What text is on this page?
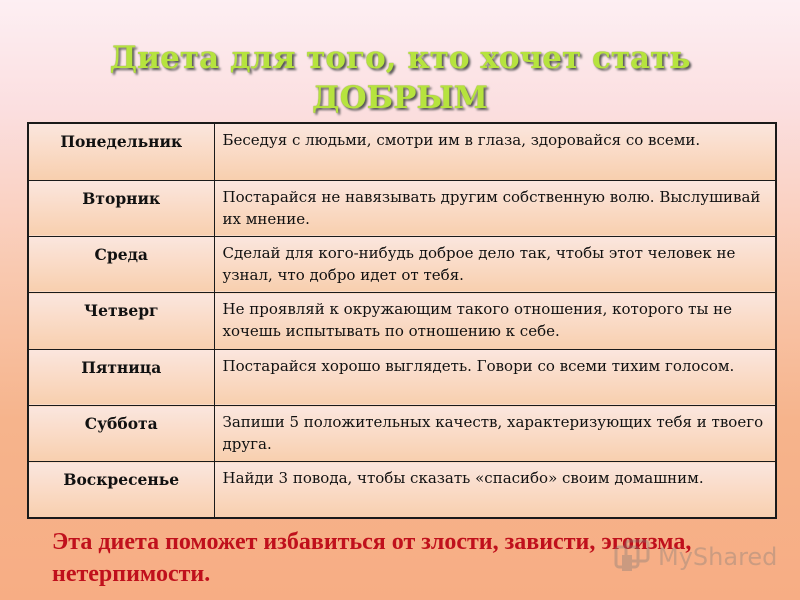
Диета для того, кто хочет стать
ДОБРЫМ
Понедельник	Беседуя с людьми, смотри им в глаза, здоровайся со всеми.
Вторник	Постарайся не навязывать другим собственную волю. Выслушивай их мнение.
Среда	Сделай для кого-нибудь доброе дело так, чтобы этот человек не узнал, что добро идет от тебя.
Четверг	Не проявляй к окружающим такого отношения, которого ты не хочешь испытывать по отношению к себе.
Пятница	Постарайся хорошо выглядеть. Говори со всеми тихим голосом.
Суббота	Запиши 5 положительных качеств, характеризующих тебя и твоего друга.
Воскресенье	Найди 3 повода, чтобы сказать «спасибо» своим домашним.
Эта диета поможет избавиться от злости, зависти, эгоизма, нетерпимости.
MyShared
